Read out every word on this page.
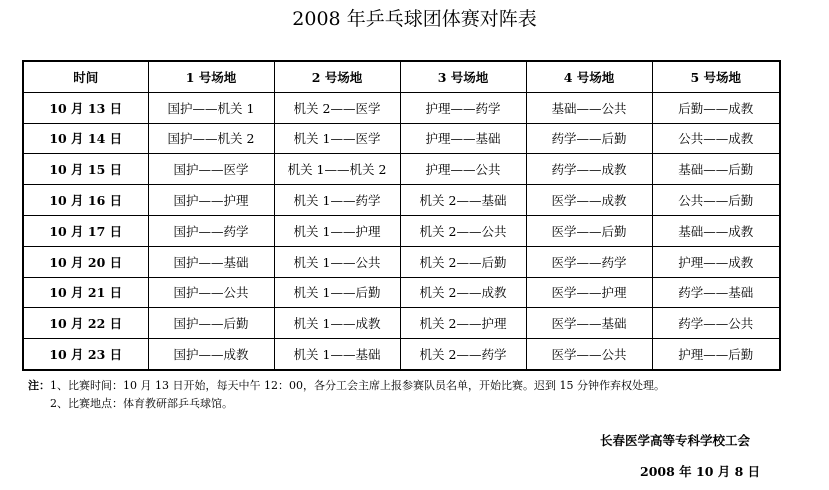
2008 年乒乓球团体赛对阵表
时间	1 号场地	2 号场地	3 号场地	4 号场地	5 号场地
10 月 13 日	国护——机关 1	机关 2——医学	护理——药学	基础——公共	后勤——成教
10 月 14 日	国护——机关 2	机关 1——医学	护理——基础	药学——后勤	公共——成教
10 月 15 日	国护——医学	机关 1——机关 2	护理——公共	药学——成教	基础——后勤
10 月 16 日	国护——护理	机关 1——药学	机关 2——基础	医学——成教	公共——后勤
10 月 17 日	国护——药学	机关 1——护理	机关 2——公共	医学——后勤	基础——成教
10 月 20 日	国护——基础	机关 1——公共	机关 2——后勤	医学——药学	护理——成教
10 月 21 日	国护——公共	机关 1——后勤	机关 2——成教	医学——护理	药学——基础
10 月 22 日	国护——后勤	机关 1——成教	机关 2——护理	医学——基础	药学——公共
10 月 23 日	国护——成教	机关 1——基础	机关 2——药学	医学——公共	护理——后勤
注：1、比赛时间：10 月 13 日开始，每天中午 12：00，各分工会主席上报参赛队员名单，开始比赛。迟到 15 分钟作弃权处理。
2、比赛地点：体育教研部乒乓球馆。
长春医学高等专科学校工会
2008 年 10 月 8 日
